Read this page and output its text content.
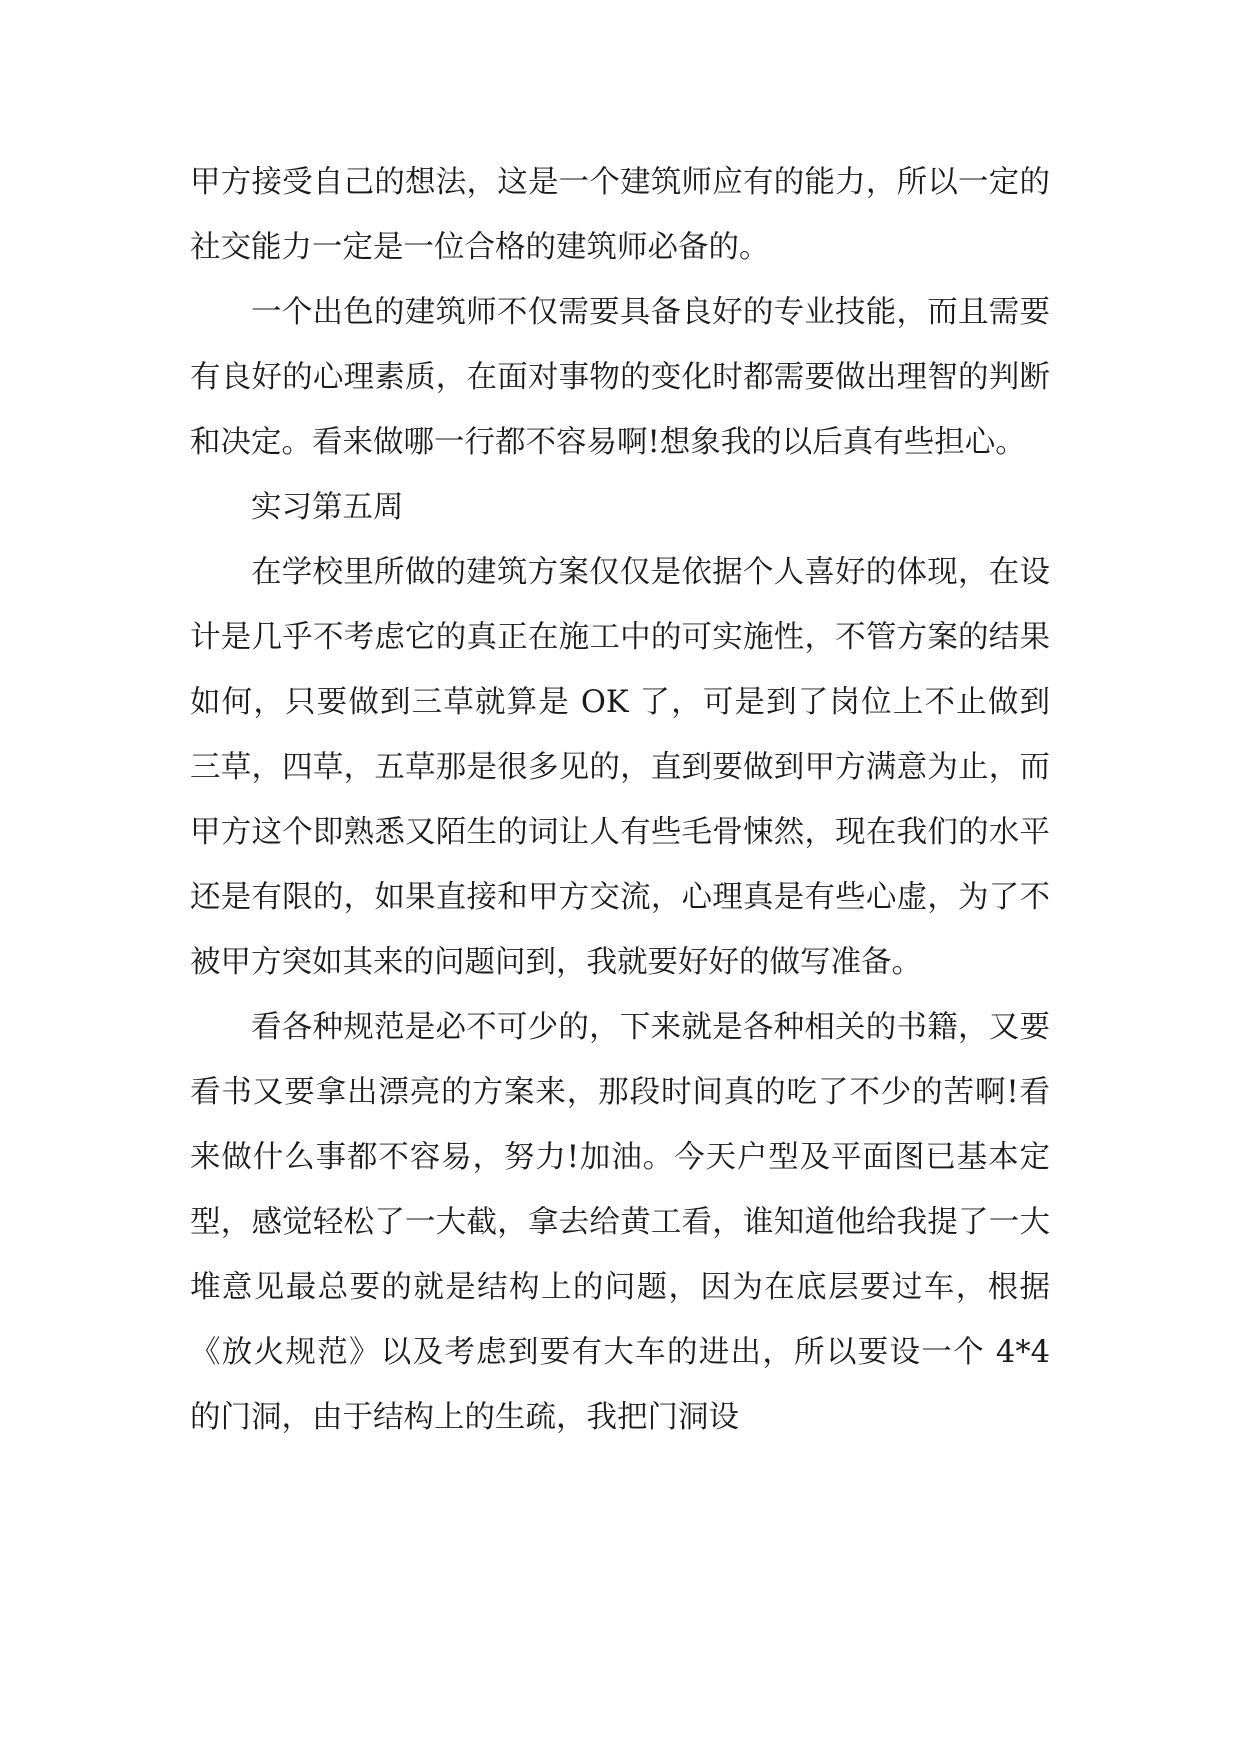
甲方接受自己的想法，这是一个建筑师应有的能力，所以一定的社交能力一定是一位合格的建筑师必备的。

一个出色的建筑师不仅需要具备良好的专业技能，而且需要有良好的心理素质，在面对事物的变化时都需要做出理智的判断和决定。看来做哪一行都不容易啊!想象我的以后真有些担心。

实习第五周

在学校里所做的建筑方案仅仅是依据个人喜好的体现，在设计是几乎不考虑它的真正在施工中的可实施性，不管方案的结果如何，只要做到三草就算是 OK 了，可是到了岗位上不止做到三草，四草，五草那是很多见的，直到要做到甲方满意为止，而甲方这个即熟悉又陌生的词让人有些毛骨悚然，现在我们的水平还是有限的，如果直接和甲方交流，心理真是有些心虚，为了不被甲方突如其来的问题问到，我就要好好的做写准备。

看各种规范是必不可少的，下来就是各种相关的书籍，又要看书又要拿出漂亮的方案来，那段时间真的吃了不少的苦啊!看来做什么事都不容易，努力!加油。今天户型及平面图已基本定型，感觉轻松了一大截，拿去给黄工看，谁知道他给我提了一大堆意见最总要的就是结构上的问题，因为在底层要过车，根据《放火规范》以及考虑到要有大车的进出，所以要设一个 4*4 的门洞，由于结构上的生疏，我把门洞设
